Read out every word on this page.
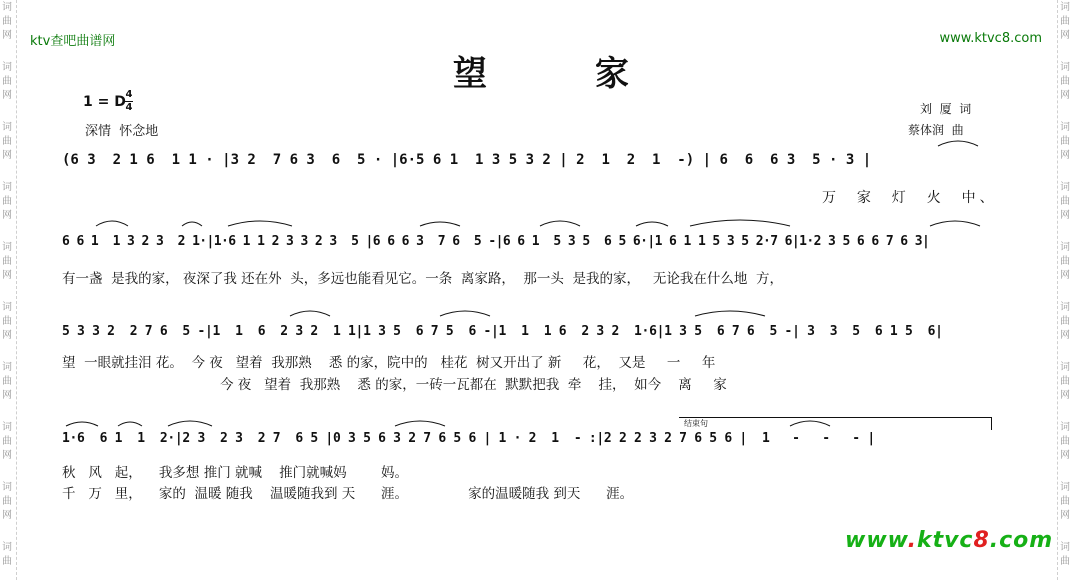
词
曲
网
词
曲
网
词
曲
网
词
曲
网
词
曲
网
词
曲
网
词
曲
网
词
曲
网
词
曲
网
词
曲
词
曲
网
词
曲
网
词
曲
网
词
曲
网
词
曲
网
词
曲
网
词
曲
网
词
曲
网
词
曲
网
词
曲
ktv查吧曲谱网	www.ktvc8.com
望 家
1 = D 4
4
深情  怀念地
刘  厦  词
蔡体润  曲
(6 3  2 1 6  1 1 · |3 2  7 6 3  6  5 · |6·5 6 1  1 3 5 3 2 | 2  1  2  1  -) | 6  6  6 3  5 · 3 |
万  家  灯  火  中、
6 6 1  1 3 2 3  2 1·|1·6 1 1 2 3 3 2 3  5 |6 6 6 3  7 6  5 -|6 6 1  5 3 5  6 5 6·|1 6 1 1 5 3 5 2·7 6|1·2 3 5 6 6 7 6 3|
有一盏  是我的家， 夜深了我 还在外  头，多远也能看见它。一条  离家路，  那一头  是我的家，   无论我在什么地  方，
5 3 3 2  2 7 6  5 -|1  1  6  2 3 2  1 1|1 3 5  6 7 5  6 -|1  1  1 6  2 3 2  1·6|1 3 5  6 7 6  5 -| 3  3  5  6 1 5  6|
望  一眼就挂泪 花。  今 夜   望着  我那熟    悉 的家，院中的   桂花  树又开出了 新     花，  又是     一     年
今 夜   望着  我那熟    悉 的家，一砖一瓦都在  默默把我  牵    挂，  如今    离     家
结束句
1·6  6 1  1  2·|2 3  2 3  2 7  6 5 |0 3 5 6 3 2 7 6 5 6 | 1 · 2  1  - :|2 2 2 3 2 7 6 5 6 |  1   -   -   - |
秋   风   起，    我多想 推门 就喊    推门就喊妈        妈。
千   万   里，    家的  温暖 随我    温暖随我到 天      涯。              家的温暖随我 到天      涯。
www.ktvc8.com
